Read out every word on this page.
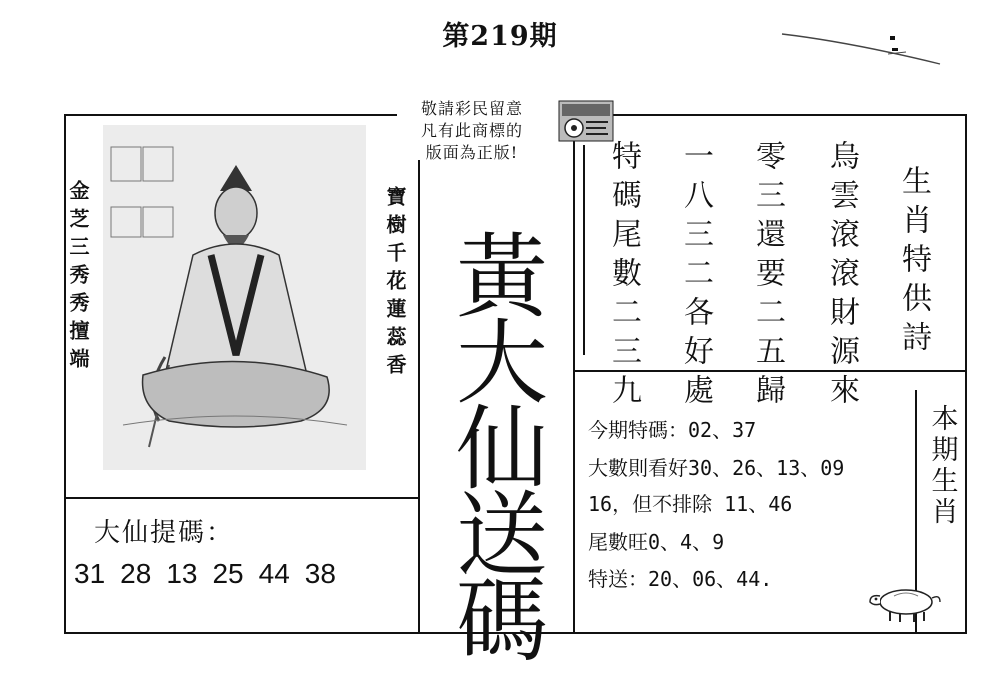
第219期
敬請彩民留意
凡有此商標的
版面為正版!
金芝三秀秀擅端	寶樹千花蓮蕊香 黃大仙送碼	生肖特供詩
烏雲滾滾財源來
零三還要二五歸
一八三二各好處
特碼尾數二三九
今期特碼：02、37
大數則看好30、26、13、09
16，但不排除 11、46
尾數旺0、4、9
特送：20、06、44.
本期生肖
大仙提碼：
31 28 13 25 44 38
